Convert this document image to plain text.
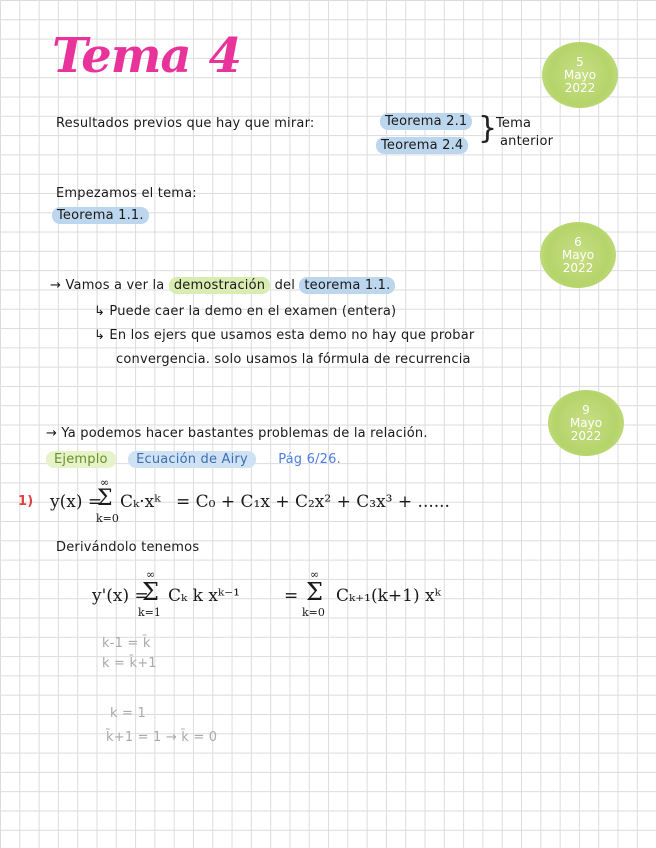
Tema 4	5
Mayo
2022
6
Mayo
2022
9
Mayo
2022
Resultados previos que hay que mirar:	Teorema 2.1
Teorema 2.4 }
Tema
anterior
Empezamos el tema:
Teorema 1.1.
→ Vamos a ver la demostración del teorema 1.1.
↳ Puede caer la demo en el examen (entera)
↳ En los ejers que usamos esta demo no hay que probar
convergencia. solo usamos la fórmula de recurrencia
→ Ya podemos hacer bastantes problemas de la relación.
Ejemplo Ecuación de Airy Pág 6/26.
1) y(x) =
∞
Σ
k=0
Cₖ·xᵏ = C₀ + C₁x + C₂x² + C₃x³ + ......
Derivándolo tenemos
y'(x) =
∞
Σ
k=1
Cₖ k xᵏ⁻¹	=
∞
Σ
k=0
Cₖ₊₁(k+1) xᵏ
k-1 = k̄
k = k̄+1
k = 1
k̄+1 = 1 → k̄ = 0
